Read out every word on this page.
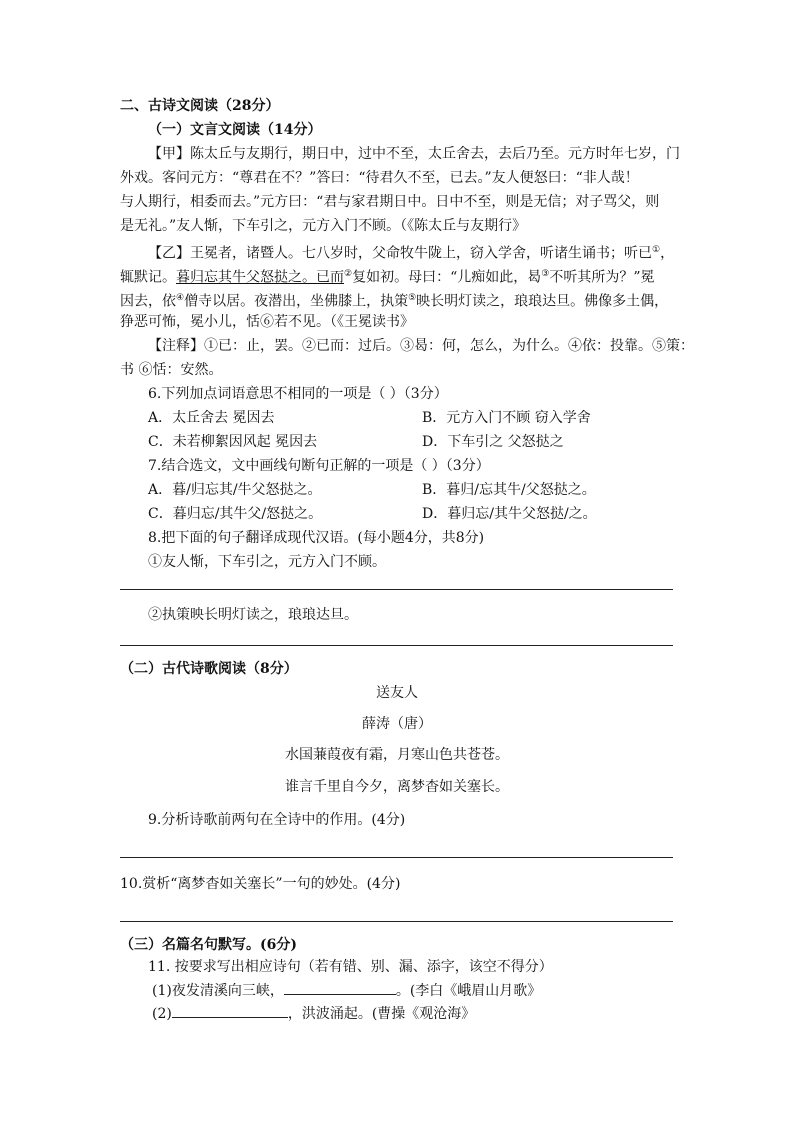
二、古诗文阅读（28分）
（一）文言文阅读（14分）
【甲】陈太丘与友期行，期日中，过中不至，太丘舍去，去后乃至。元方时年七岁，门
外戏。客问元方：“尊君在不？”答曰：“待君久不至，已去。”友人便怒曰：“非人哉！
与人期行，相委而去。”元方曰：“君与家君期日中。日中不至，则是无信；对子骂父，则
是无礼。”友人惭，下车引之，元方入门不顾。（《陈太丘与友期行》
【乙】王冕者，诸暨人。七八岁时，父命牧牛陇上，窃入学舍，听诸生诵书；听已①，
辄默记。暮归忘其牛父怒挞之。已而②复如初。母曰：“儿痴如此，曷③不听其所为？”冕
因去，依④僧寺以居。夜潜出，坐佛膝上，执策⑤映长明灯读之，琅琅达旦。佛像多土偶，
狰恶可怖，冕小儿，恬⑥若不见。（《王冕读书》
【注释】①已：止，罢。②已而：过后。③曷：何，怎么，为什么。④依：投靠。⑤策：
书 ⑥恬：安然。
6.下列加点词语意思不相同的一项是（ ）（3分）
A．太丘舍去 冕因去	B．元方入门不顾 窃入学舍
C．未若柳絮因风起 冕因去	D．下车引之 父怒挞之
7.结合选文，文中画线句断句正解的一项是（ ）（3分）
A．暮/归忘其/牛父怒挞之。	B．暮归/忘其牛/父怒挞之。
C．暮归忘/其牛父/怒挞之。	D．暮归忘/其牛父怒挞/之。
8.把下面的句子翻译成现代汉语。(每小题4分，共8分)
①友人惭，下车引之，元方入门不顾。
②执策映长明灯读之，琅琅达旦。
（二）古代诗歌阅读（8分）
送友人
薛涛（唐）
水国蒹葭夜有霜，月寒山色共苍苍。
谁言千里自今夕，离梦杳如关塞长。
9.分析诗歌前两句在全诗中的作用。(4分)
10.赏析“离梦杳如关塞长”一句的妙处。(4分)
（三）名篇名句默写。(6分)
11. 按要求写出相应诗句（若有错、别、漏、添字，该空不得分）
(1)夜发清溪向三峡，	。(李白《峨眉山月歌》
(2)	，洪波涌起。(曹操《观沧海》
